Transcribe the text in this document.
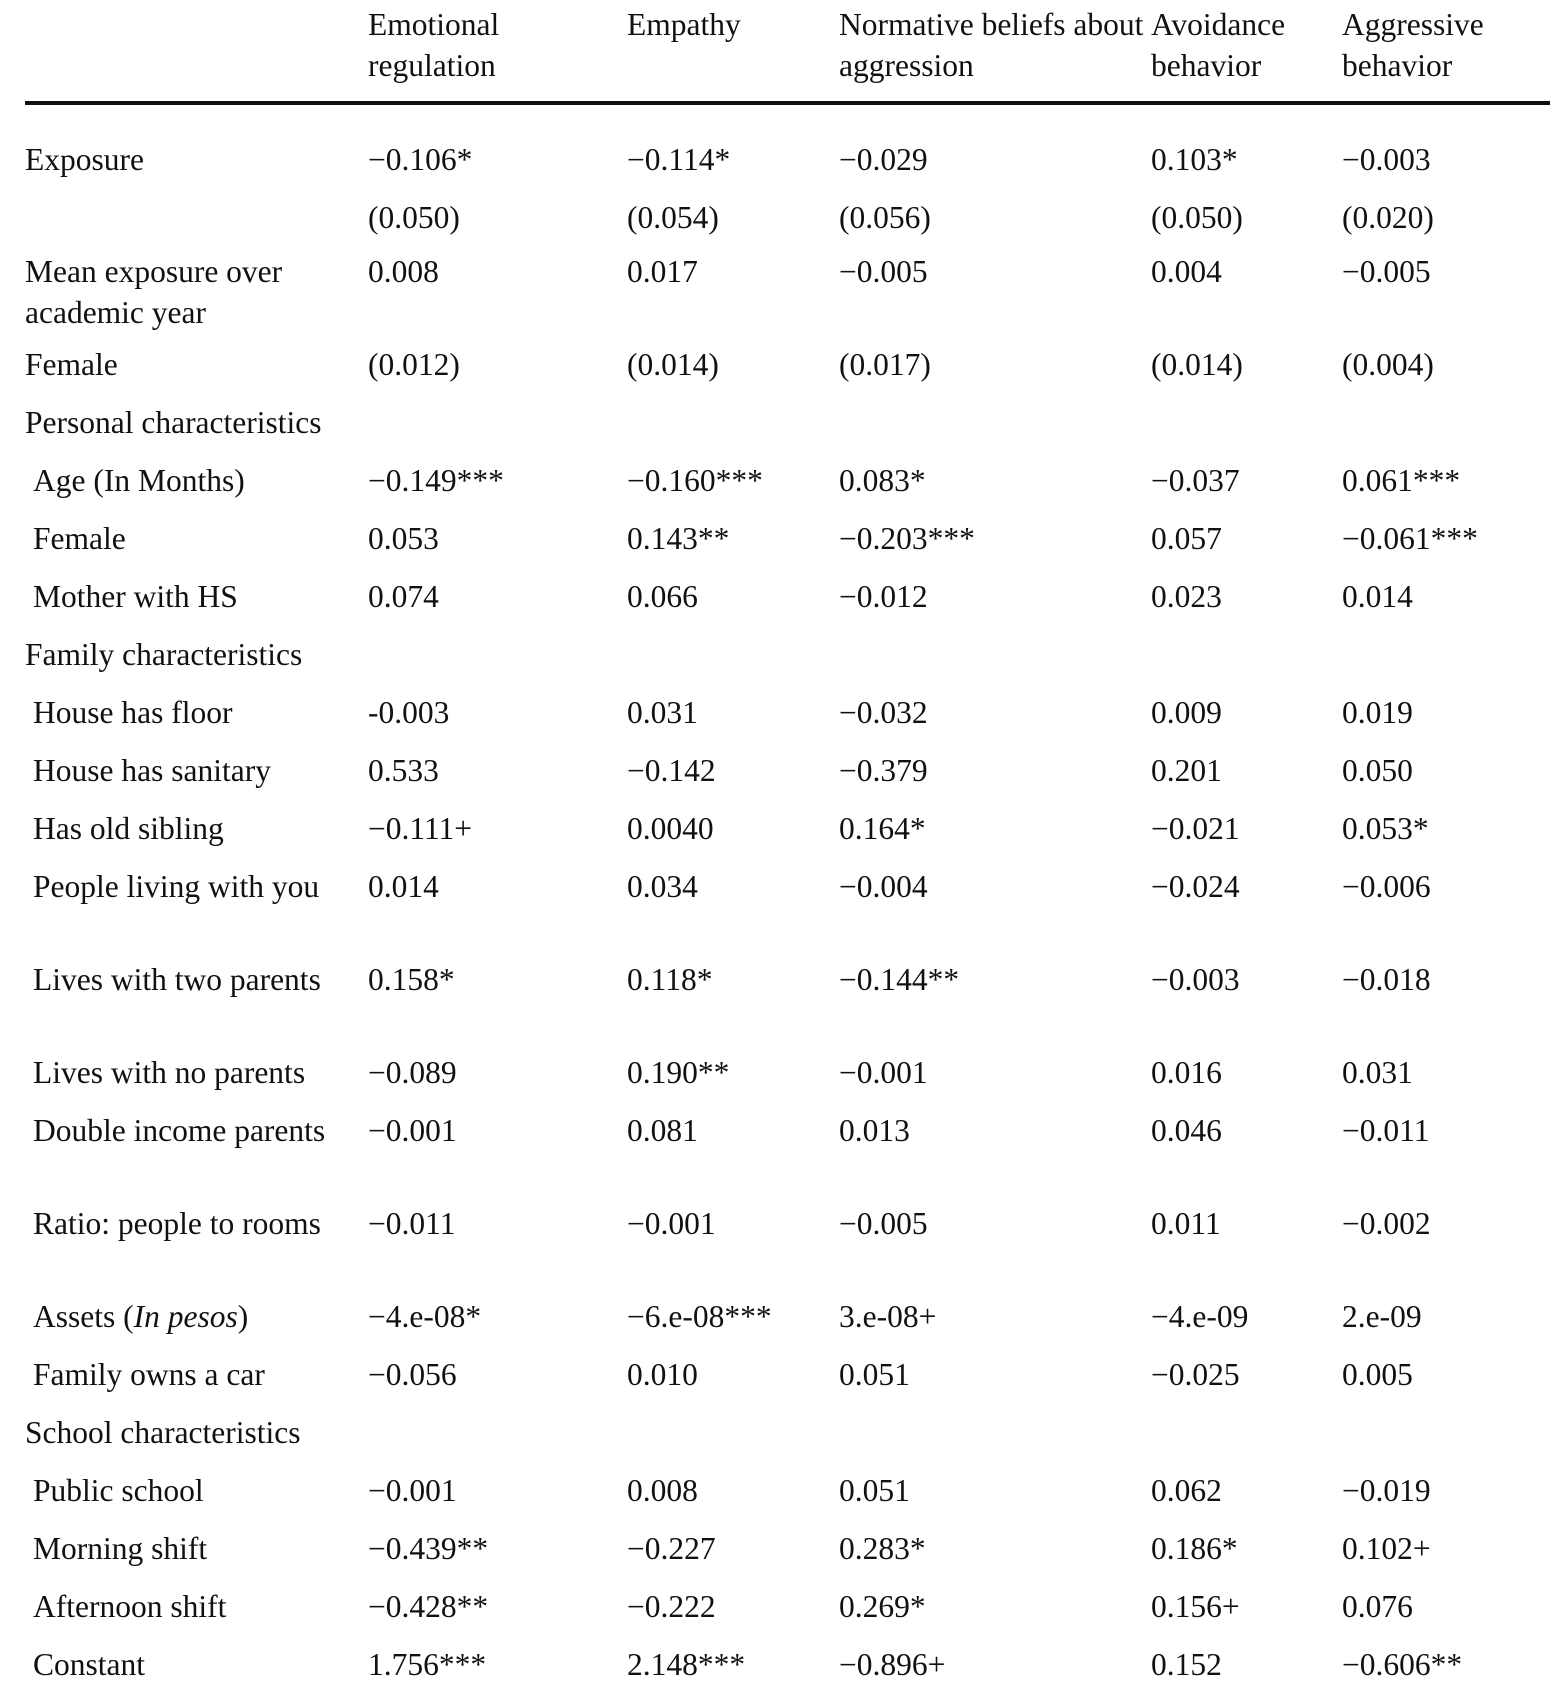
	Emotional regulation	Empathy	Normative beliefs about aggression	Avoidance behavior	Aggressive behavior
Exposure	−0.106*	−0.114*	−0.029	0.103*	−0.003
	(0.050)	(0.054)	(0.056)	(0.050)	(0.020)
Mean exposure over academic year	0.008	0.017	−0.005	0.004	−0.005
Female	(0.012)	(0.014)	(0.017)	(0.014)	(0.004)
Personal characteristics					
Age (In Months)	−0.149***	−0.160***	0.083*	−0.037	0.061***
Female	0.053	0.143**	−0.203***	0.057	−0.061***
Mother with HS	0.074	0.066	−0.012	0.023	0.014
Family characteristics					
House has floor	-0.003	0.031	−0.032	0.009	0.019
House has sanitary	0.533	−0.142	−0.379	0.201	0.050
Has old sibling	−0.111+	0.0040	0.164*	−0.021	0.053*
People living with you	0.014	0.034	−0.004	−0.024	−0.006
Lives with two parents	0.158*	0.118*	−0.144**	−0.003	−0.018
Lives with no parents	−0.089	0.190**	−0.001	0.016	0.031
Double income parents	−0.001	0.081	0.013	0.046	−0.011
Ratio: people to rooms	−0.011	−0.001	−0.005	0.011	−0.002
Assets (In pesos)	−4.e-08*	−6.e-08***	3.e-08+	−4.e-09	2.e-09
Family owns a car	−0.056	0.010	0.051	−0.025	0.005
School characteristics					
Public school	−0.001	0.008	0.051	0.062	−0.019
Morning shift	−0.439**	−0.227	0.283*	0.186*	0.102+
Afternoon shift	−0.428**	−0.222	0.269*	0.156+	0.076
Constant	1.756***	2.148***	−0.896+	0.152	−0.606**
